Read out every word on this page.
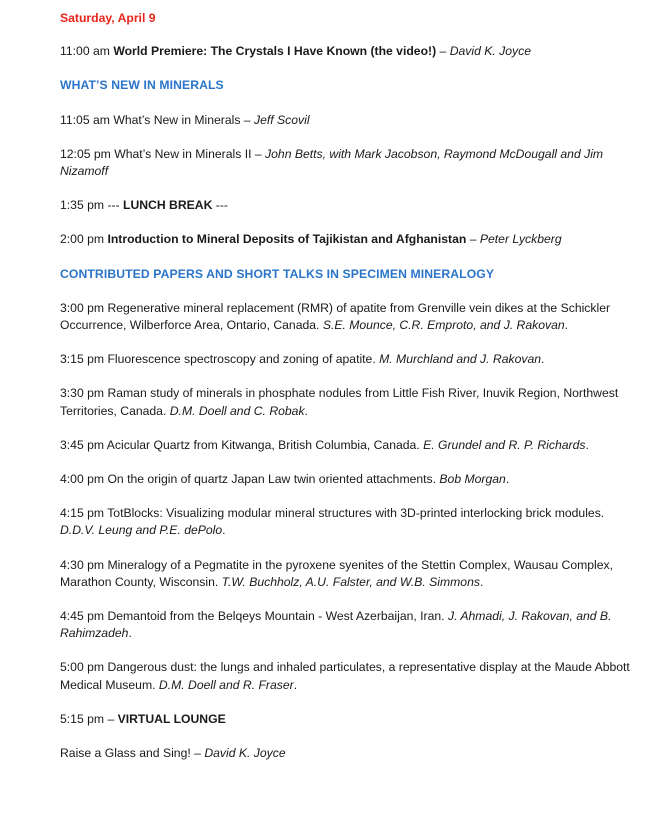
Saturday, April 9
11:00 am World Premiere: The Crystals I Have Known (the video!) – David K. Joyce
WHAT’S NEW IN MINERALS
11:05 am What’s New in Minerals – Jeff Scovil
12:05 pm What’s New in Minerals II – John Betts, with Mark Jacobson, Raymond McDougall and Jim Nizamoff
1:35 pm --- LUNCH BREAK ---
2:00 pm Introduction to Mineral Deposits of Tajikistan and Afghanistan – Peter Lyckberg
CONTRIBUTED PAPERS AND SHORT TALKS IN SPECIMEN MINERALOGY
3:00 pm Regenerative mineral replacement (RMR) of apatite from Grenville vein dikes at the Schickler Occurrence, Wilberforce Area, Ontario, Canada. S.E. Mounce, C.R. Emproto, and J. Rakovan.
3:15 pm Fluorescence spectroscopy and zoning of apatite. M. Murchland and J. Rakovan.
3:30 pm Raman study of minerals in phosphate nodules from Little Fish River, Inuvik Region, Northwest Territories, Canada. D.M. Doell and C. Robak.
3:45 pm Acicular Quartz from Kitwanga, British Columbia, Canada. E. Grundel and R. P. Richards.
4:00 pm On the origin of quartz Japan Law twin oriented attachments. Bob Morgan.
4:15 pm TotBlocks: Visualizing modular mineral structures with 3D-printed interlocking brick modules. D.D.V. Leung and P.E. dePolo.
4:30 pm Mineralogy of a Pegmatite in the pyroxene syenites of the Stettin Complex, Wausau Complex, Marathon County, Wisconsin. T.W. Buchholz, A.U. Falster, and W.B. Simmons.
4:45 pm Demantoid from the Belqeys Mountain - West Azerbaijan, Iran. J. Ahmadi, J. Rakovan, and B. Rahimzadeh.
5:00 pm Dangerous dust: the lungs and inhaled particulates, a representative display at the Maude Abbott Medical Museum. D.M. Doell and R. Fraser.
5:15 pm – VIRTUAL LOUNGE
Raise a Glass and Sing! – David K. Joyce
